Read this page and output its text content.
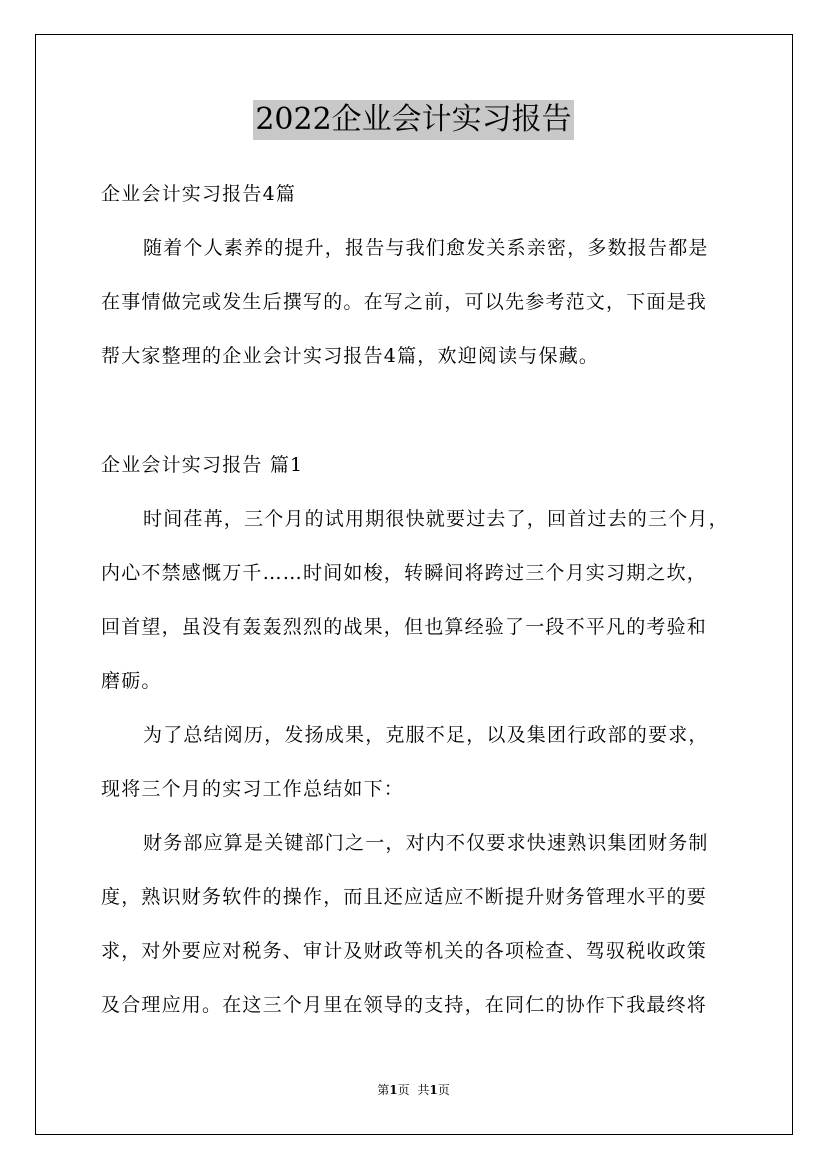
2022企业会计实习报告
企业会计实习报告4篇
随着个人素养的提升，报告与我们愈发关系亲密，多数报告都是
在事情做完或发生后撰写的。在写之前，可以先参考范文，下面是我
帮大家整理的企业会计实习报告4篇，欢迎阅读与保藏。
企业会计实习报告 篇1
时间荏苒，三个月的试用期很快就要过去了，回首过去的三个月，
内心不禁感慨万千……时间如梭，转瞬间将跨过三个月实习期之坎，
回首望，虽没有轰轰烈烈的战果，但也算经验了一段不平凡的考验和
磨砺。
为了总结阅历，发扬成果，克服不足，以及集团行政部的要求，
现将三个月的实习工作总结如下：
财务部应算是关键部门之一，对内不仅要求快速熟识集团财务制
度，熟识财务软件的操作，而且还应适应不断提升财务管理水平的要
求，对外要应对税务、审计及财政等机关的各项检查、驾驭税收政策
及合理应用。在这三个月里在领导的支持，在同仁的协作下我最终将
第1页 共1页
